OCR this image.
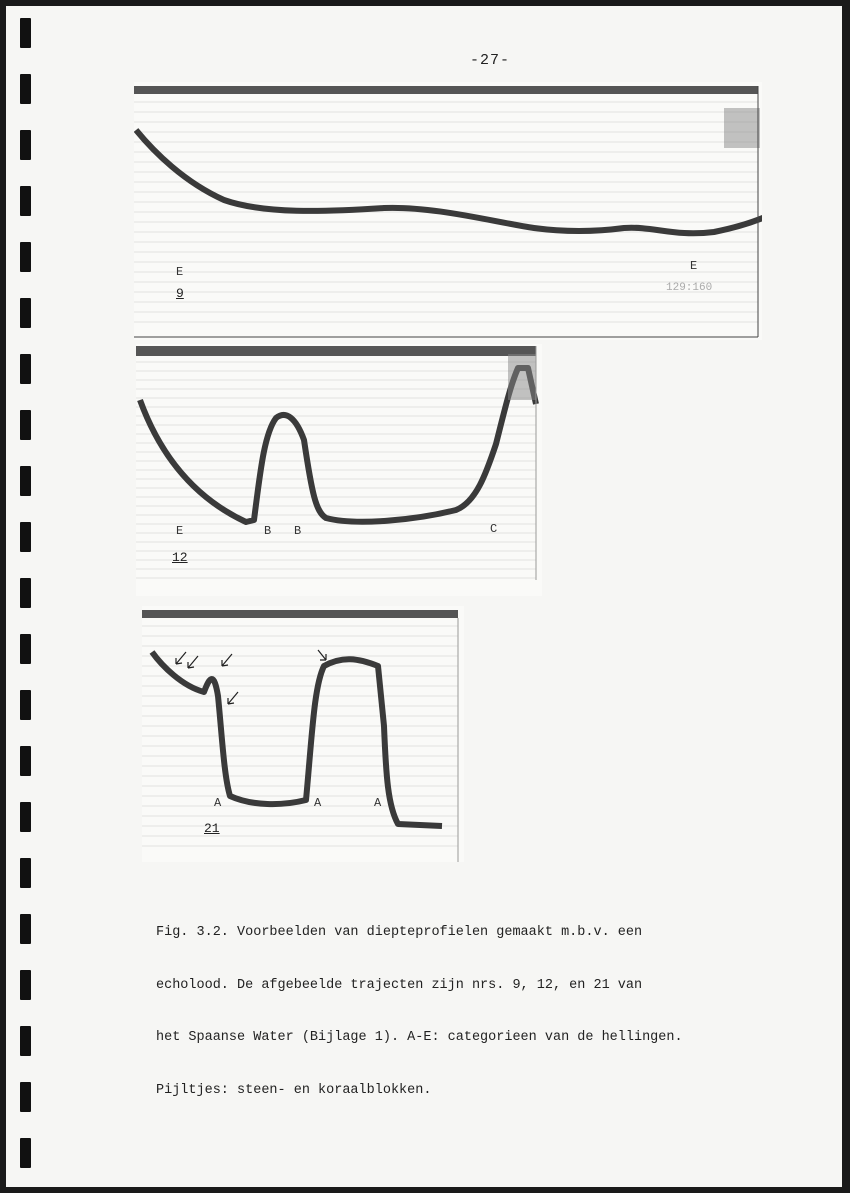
-27-
E	E
9	129:160
E	B B	C
12
A	A	A
21

Fig. 3.2. Voorbeelden van diepteprofielen gemaakt m.b.v. een

echolood. De afgebeelde trajecten zijn nrs. 9, 12, en 21 van

het Spaanse Water (Bijlage 1). A-E: categorieen van de hellingen.

Pijltjes: steen- en koraalblokken.
